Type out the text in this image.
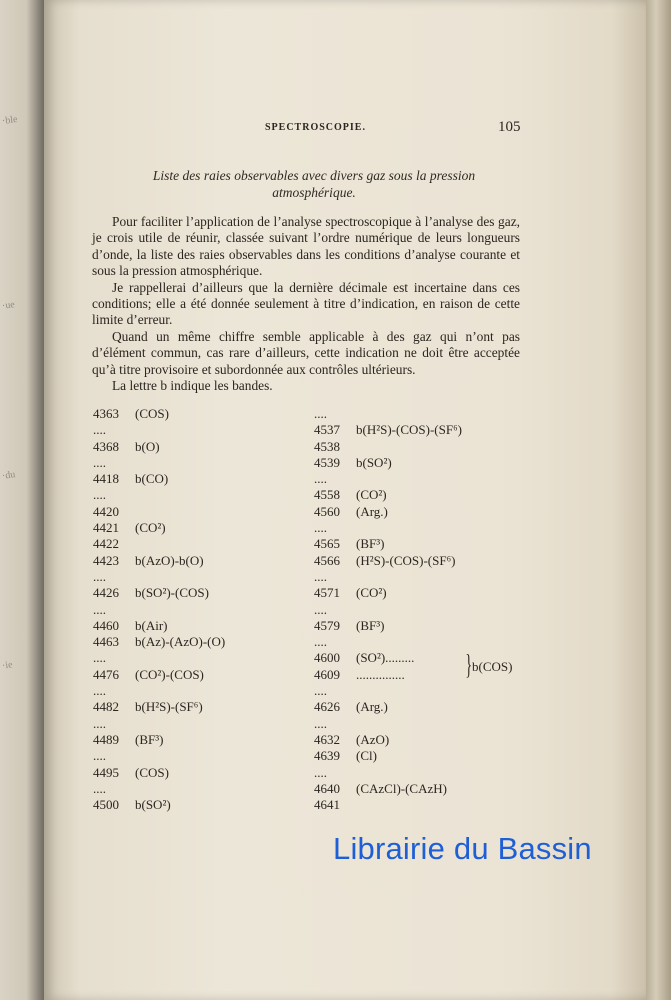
·ble
·ue
·du
·ie
SPECTROSCOPIE.	105
Liste des raies observables avec divers gaz sous la pression atmosphérique.

Pour faciliter l’application de l’analyse spectroscopique à l’analyse des gaz, je crois utile de réunir, classée suivant l’ordre numérique de leurs longueurs d’onde, la liste des raies observables dans les conditions d’analyse courante et sous la pression atmosphérique.

Je rappellerai d’ailleurs que la dernière décimale est incertaine dans ces conditions; elle a été donnée seulement à titre d’indication, en raison de cette limite d’erreur.

Quand un même chiffre semble applicable à des gaz qui n’ont pas d’élément commun, cas rare d’ailleurs, cette indication ne doit être acceptée qu’à titre provisoire et subordonnée aux contrôles ultérieurs.

La lettre b indique les bandes.

4363 (COS)
....
4368 b(O)
....
4418 b(CO)
....
4420
4421 (CO²)
4422
4423 b(AzO)-b(O)
....
4426 b(SO²)-(COS)
....
4460 b(Air)
4463 b(Az)-(AzO)-(O)
....
4476 (CO²)-(COS)
....
4482 b(H²S)-(SF⁶)
....
4489 (BF³)
....
4495 (COS)
....
4500 b(SO²)
....
4537 b(H²S)-(COS)-(SF⁶)
4538
4539 b(SO²)
....
4558 (CO²)
4560 (Arg.)
....
4565 (BF³)
4566 (H²S)-(COS)-(SF⁶)
....
4571 (CO²)
....
4579 (BF³)
....
4600 (SO²).........
4609 ...............
....
4626 (Arg.)
....
4632 (AzO)
4639 (Cl)
....
4640 (CAzCl)-(CAzH)
4641
} b(COS)
Librairie du Bassin
